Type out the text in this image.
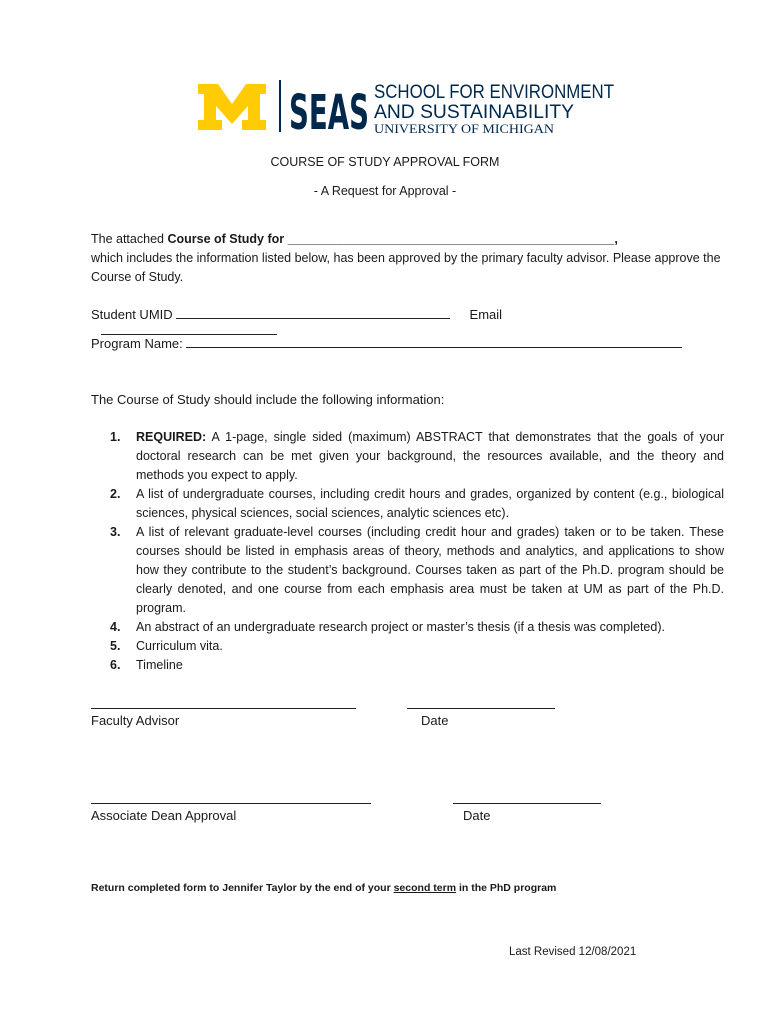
SEAS SCHOOL FOR ENVIRONMENT
AND SUSTAINABILITY
UNIVERSITY OF MICHIGAN
COURSE OF STUDY APPROVAL FORM
- A Request for Approval -

The attached Course of Study for _______________________________________________,
which includes the information listed below, has been approved by the primary faculty advisor. Please approve the Course of Study.

Student UMID	Email
Program Name:
The Course of Study should include the following information:
1. REQUIRED: A 1-page, single sided (maximum) ABSTRACT that demonstrates that the goals of your doctoral research can be met given your background, the resources available, and the theory and methods you expect to apply.
2. A list of undergraduate courses, including credit hours and grades, organized by content (e.g., biological sciences, physical sciences, social sciences, analytic sciences etc).
3. A list of relevant graduate-level courses (including credit hour and grades) taken or to be taken. These courses should be listed in emphasis areas of theory, methods and analytics, and applications to show how they contribute to the student’s background. Courses taken as part of the Ph.D. program should be clearly denoted, and one course from each emphasis area must be taken at UM as part of the Ph.D. program.
4. An abstract of an undergraduate research project or master’s thesis (if a thesis was completed).
5. Curriculum vita.
6. Timeline
Faculty Advisor	Date
Associate Dean Approval	Date
Return completed form to Jennifer Taylor by the end of your second term in the PhD program
Last Revised 12/08/2021
